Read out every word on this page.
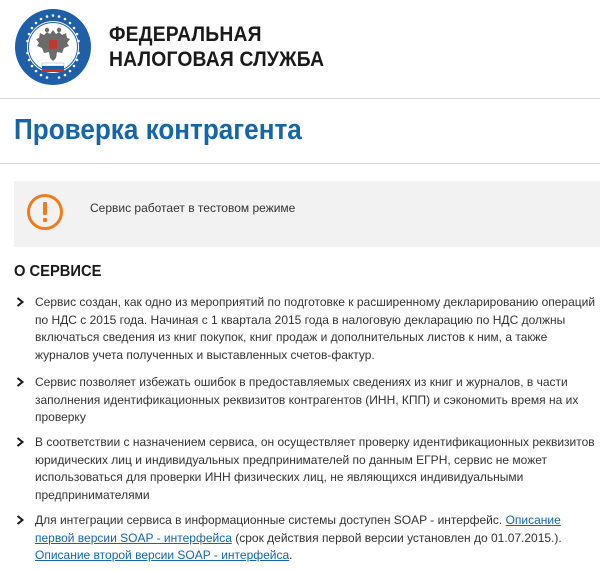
ФЕДЕРАЛЬНАЯ
НАЛОГОВАЯ СЛУЖБА
Проверка контрагента
Сервис работает в тестовом режиме
О СЕРВИСЕ
Сервис создан, как одно из мероприятий по подготовке к расширенному декларированию операций
по НДС с 2015 года. Начиная с 1 квартала 2015 года в налоговую декларацию по НДС должны
включаться сведения из книг покупок, книг продаж и дополнительных листов к ним, а также
журналов учета полученных и выставленных счетов-фактур.
Сервис позволяет избежать ошибок в предоставляемых сведениях из книг и журналов, в части
заполнения идентификационных реквизитов контрагентов (ИНН, КПП) и сэкономить время на их
проверку
В соответствии с назначением сервиса, он осуществляет проверку идентификационных реквизитов
юридических лиц и индивидуальных предпринимателей по данным ЕГРН, сервис не может
использоваться для проверки ИНН физических лиц, не являющихся индивидуальными
предпринимателями
Для интеграции сервиса в информационные системы доступен SOAP - интерфейс. Описание
первой версии SOAP - интерфейса (срок действия первой версии установлен до 01.07.2015.).
Описание второй версии SOAP - интерфейса.
